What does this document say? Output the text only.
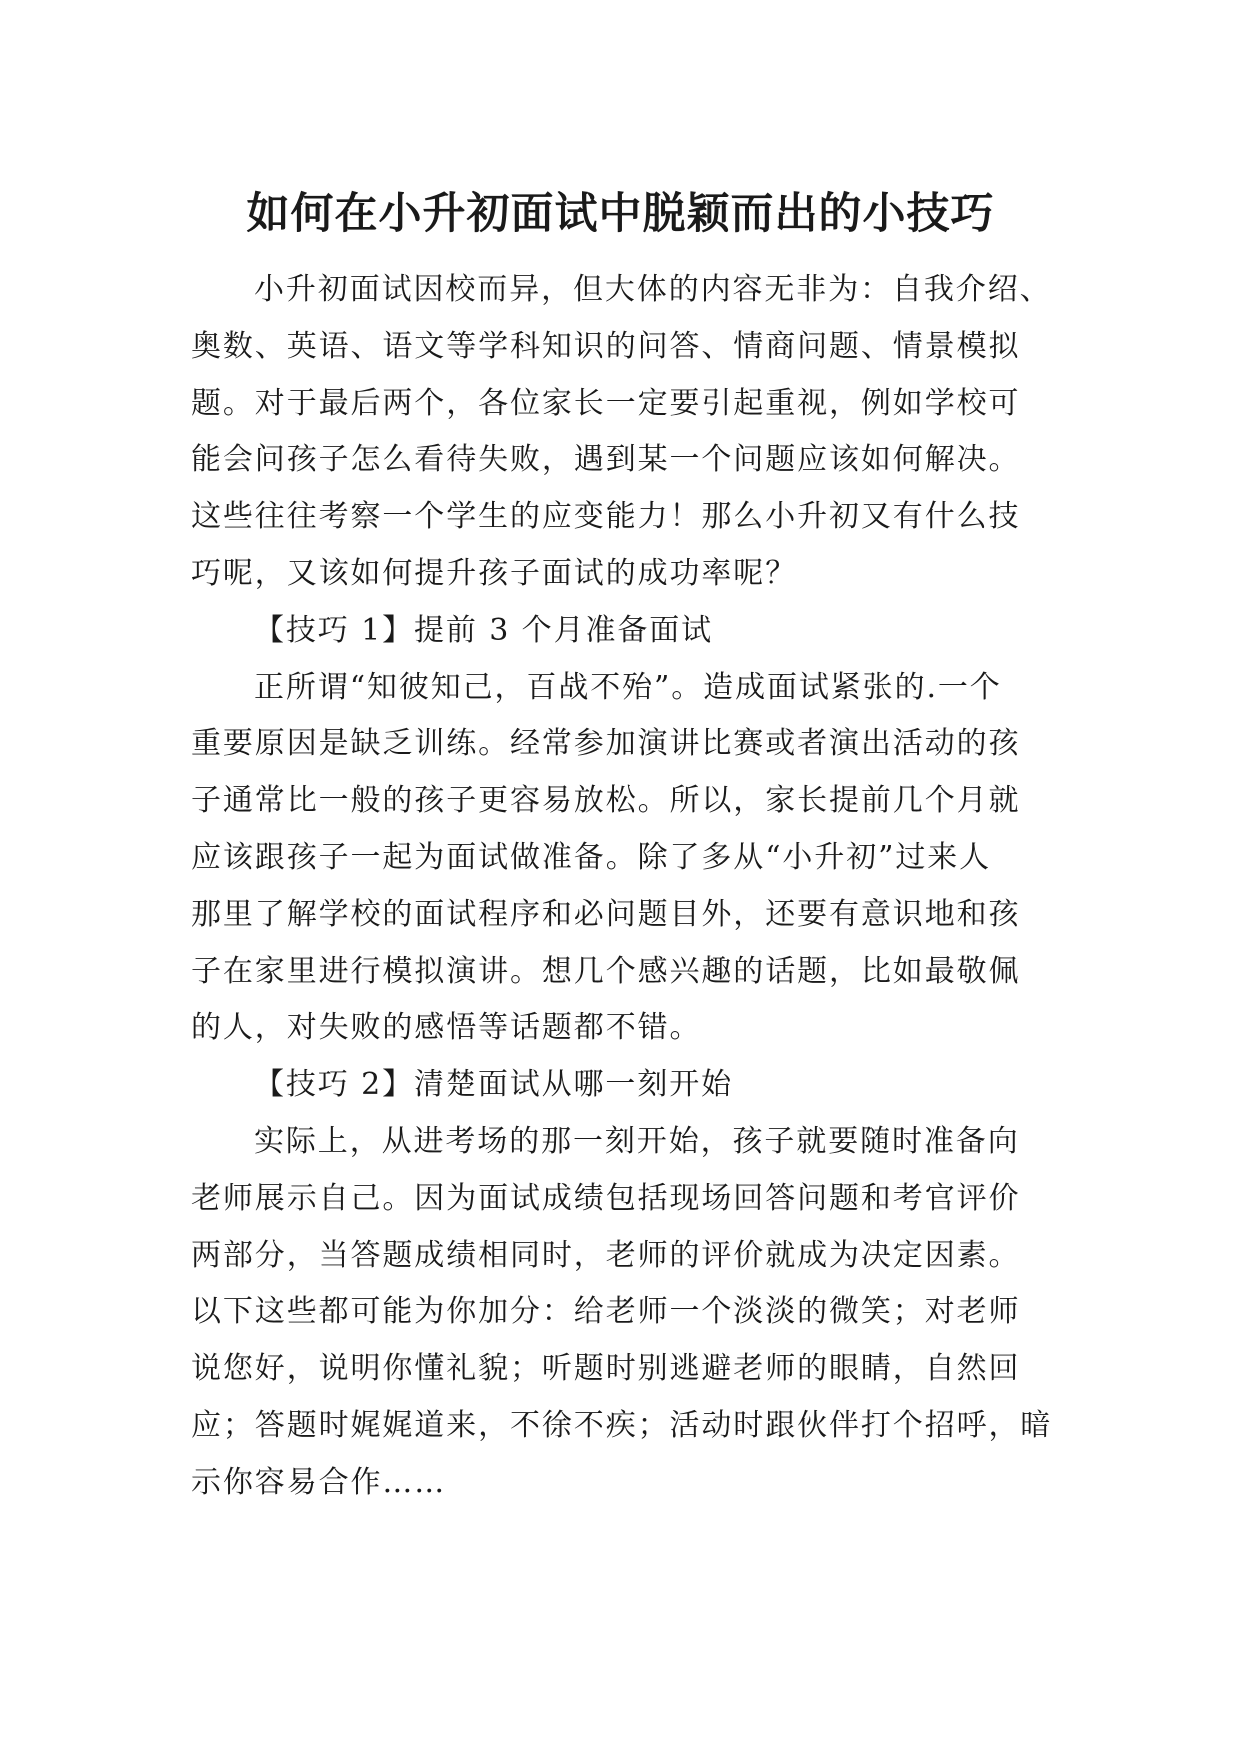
如何在小升初面试中脱颖而出的小技巧
小升初面试因校而异，但大体的内容无非为：自我介绍、
奥数、英语、语文等学科知识的问答、情商问题、情景模拟
题。对于最后两个，各位家长一定要引起重视，例如学校可
能会问孩子怎么看待失败，遇到某一个问题应该如何解决。
这些往往考察一个学生的应变能力！那么小升初又有什么技
巧呢，又该如何提升孩子面试的成功率呢？
【技巧 1】提前 3 个月准备面试
正所谓“知彼知己，百战不殆”。造成面试紧张的.一个
重要原因是缺乏训练。经常参加演讲比赛或者演出活动的孩
子通常比一般的孩子更容易放松。所以，家长提前几个月就
应该跟孩子一起为面试做准备。除了多从“小升初”过来人
那里了解学校的面试程序和必问题目外，还要有意识地和孩
子在家里进行模拟演讲。想几个感兴趣的话题，比如最敬佩
的人，对失败的感悟等话题都不错。
【技巧 2】清楚面试从哪一刻开始
实际上，从进考场的那一刻开始，孩子就要随时准备向
老师展示自己。因为面试成绩包括现场回答问题和考官评价
两部分，当答题成绩相同时，老师的评价就成为决定因素。
以下这些都可能为你加分：给老师一个淡淡的微笑；对老师
说您好，说明你懂礼貌；听题时别逃避老师的眼睛，自然回
应；答题时娓娓道来，不徐不疾；活动时跟伙伴打个招呼，暗
示你容易合作……
